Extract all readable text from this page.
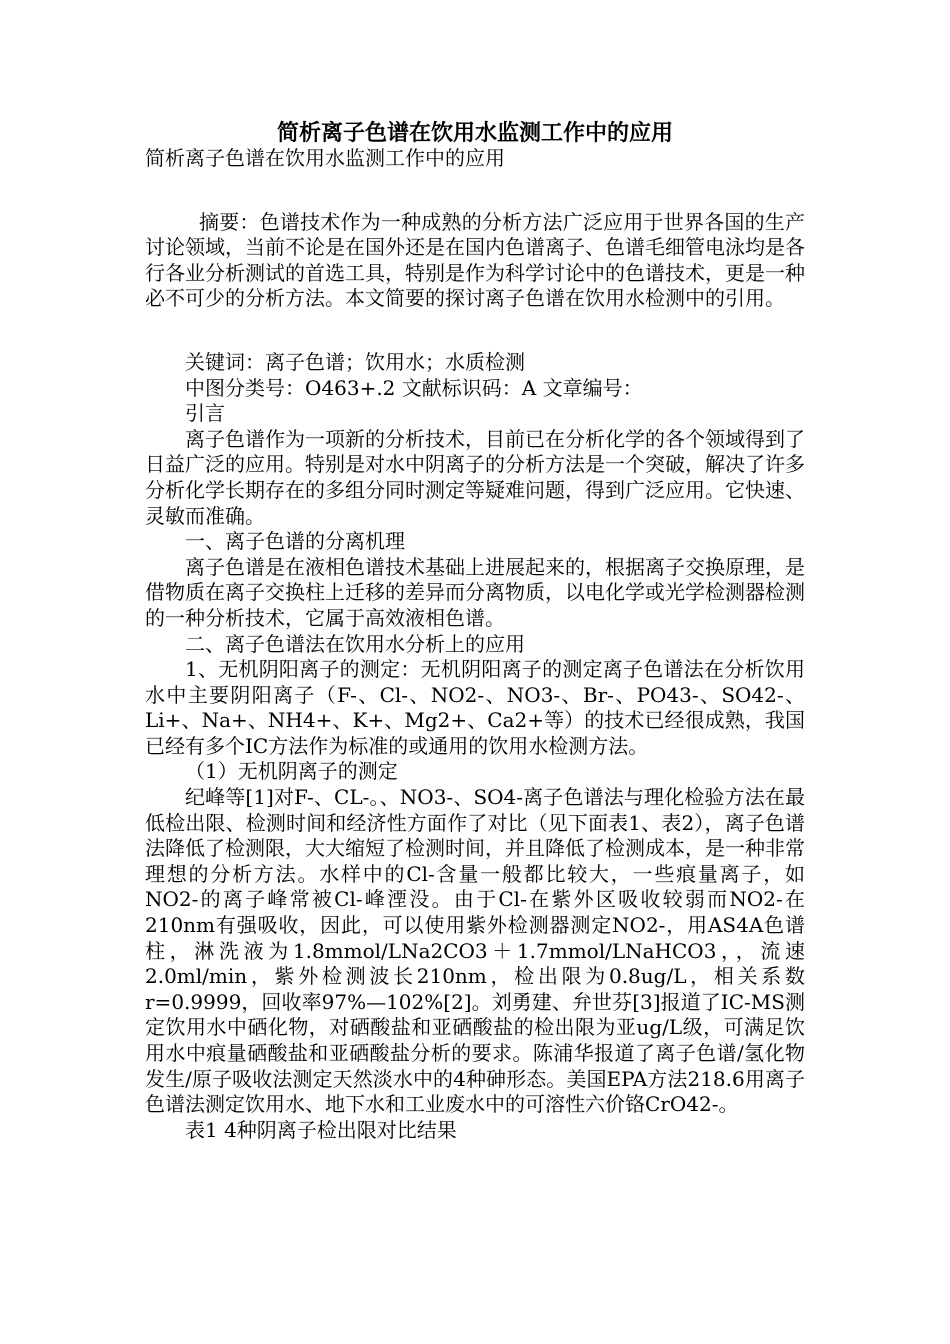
简析离子色谱在饮用水监测工作中的应用

简析离子色谱在饮用水监测工作中的应用

摘要：色谱技术作为一种成熟的分析方法广泛应用于世界各国的生产讨论领域，当前不论是在国外还是在国内色谱离子、色谱毛细管电泳均是各行各业分析测试的首选工具，特别是作为科学讨论中的色谱技术，更是一种必不可少的分析方法。本文简要的探讨离子色谱在饮用水检测中的引用。

关键词：离子色谱；饮用水；水质检测

中图分类号：O463+.2 文献标识码：A 文章编号：

引言

离子色谱作为一项新的分析技术，目前已在分析化学的各个领域得到了日益广泛的应用。特别是对水中阴离子的分析方法是一个突破，解决了许多分析化学长期存在的多组分同时测定等疑难问题，得到广泛应用。它快速、灵敏而准确。

一、离子色谱的分离机理

离子色谱是在液相色谱技术基础上进展起来的，根据离子交换原理，是借物质在离子交换柱上迁移的差异而分离物质，以电化学或光学检测器检测的一种分析技术，它属于高效液相色谱。

二、离子色谱法在饮用水分析上的应用

1、无机阴阳离子的测定：无机阴阳离子的测定离子色谱法在分析饮用水中主要阴阳离子（F-、Cl-、NO2-、NO3-、Br-、PO43-、SO42-、Li+、Na+、NH4+、K+、Mg2+、Ca2+等）的技术已经很成熟，我国已经有多个IC方法作为标准的或通用的饮用水检测方法。

（1）无机阴离子的测定

纪峰等[1]对F-、CL-。、NO3-、SO4-离子色谱法与理化检验方法在最低检出限、检测时间和经济性方面作了对比（见下面表1、表2），离子色谱法降低了检测限，大大缩短了检测时间，并且降低了检测成本，是一种非常理想的分析方法。水样中的Cl-含量一般都比较大，一些痕量离子，如NO2-的离子峰常被Cl-峰湮没。由于Cl-在紫外区吸收较弱而NO2-在210nm有强吸收，因此，可以使用紫外检测器测定NO2-，用AS4A色谱柱，淋洗液为1.8mmol/LNa2CO3＋1.7mmol/LNaHCO3，，流速2.0ml/min，紫外检测波长210nm，检出限为0.8ug/L，相关系数r=0.9999，回收率97%—102%[2]。刘勇建、弁世芬[3]报道了IC-MS测定饮用水中硒化物，对硒酸盐和亚硒酸盐的检出限为亚ug/L级，可满足饮用水中痕量硒酸盐和亚硒酸盐分析的要求。陈浦华报道了离子色谱/氢化物发生/原子吸收法测定天然淡水中的4种砷形态。美国EPA方法218.6用离子色谱法测定饮用水、地下水和工业废水中的可溶性六价铬CrO42-。

表1 4种阴离子检出限对比结果
